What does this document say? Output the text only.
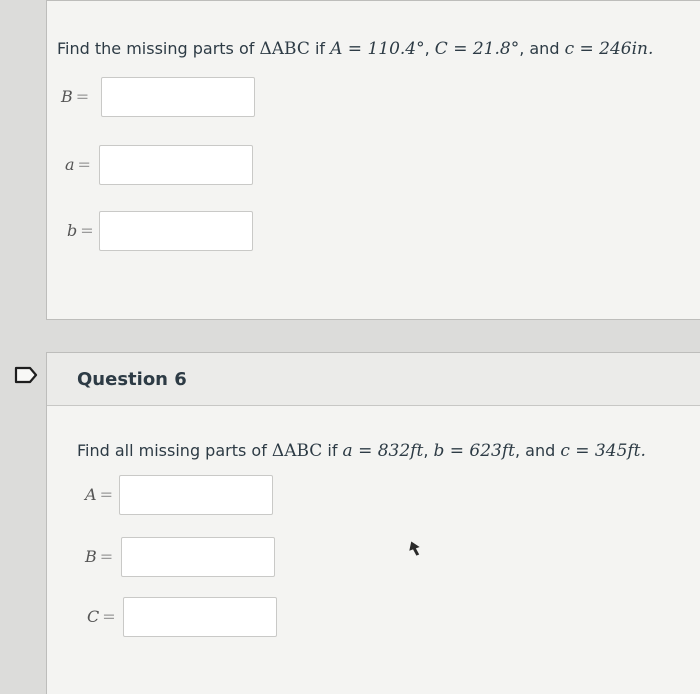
Find the missing parts of ΔABC if A = 110.4°, C = 21.8°, and c = 246in.
B =
a =
b =
Question 6
Find all missing parts of ΔABC if a = 832ft, b = 623ft, and c = 345ft.
A =
B =
C =
